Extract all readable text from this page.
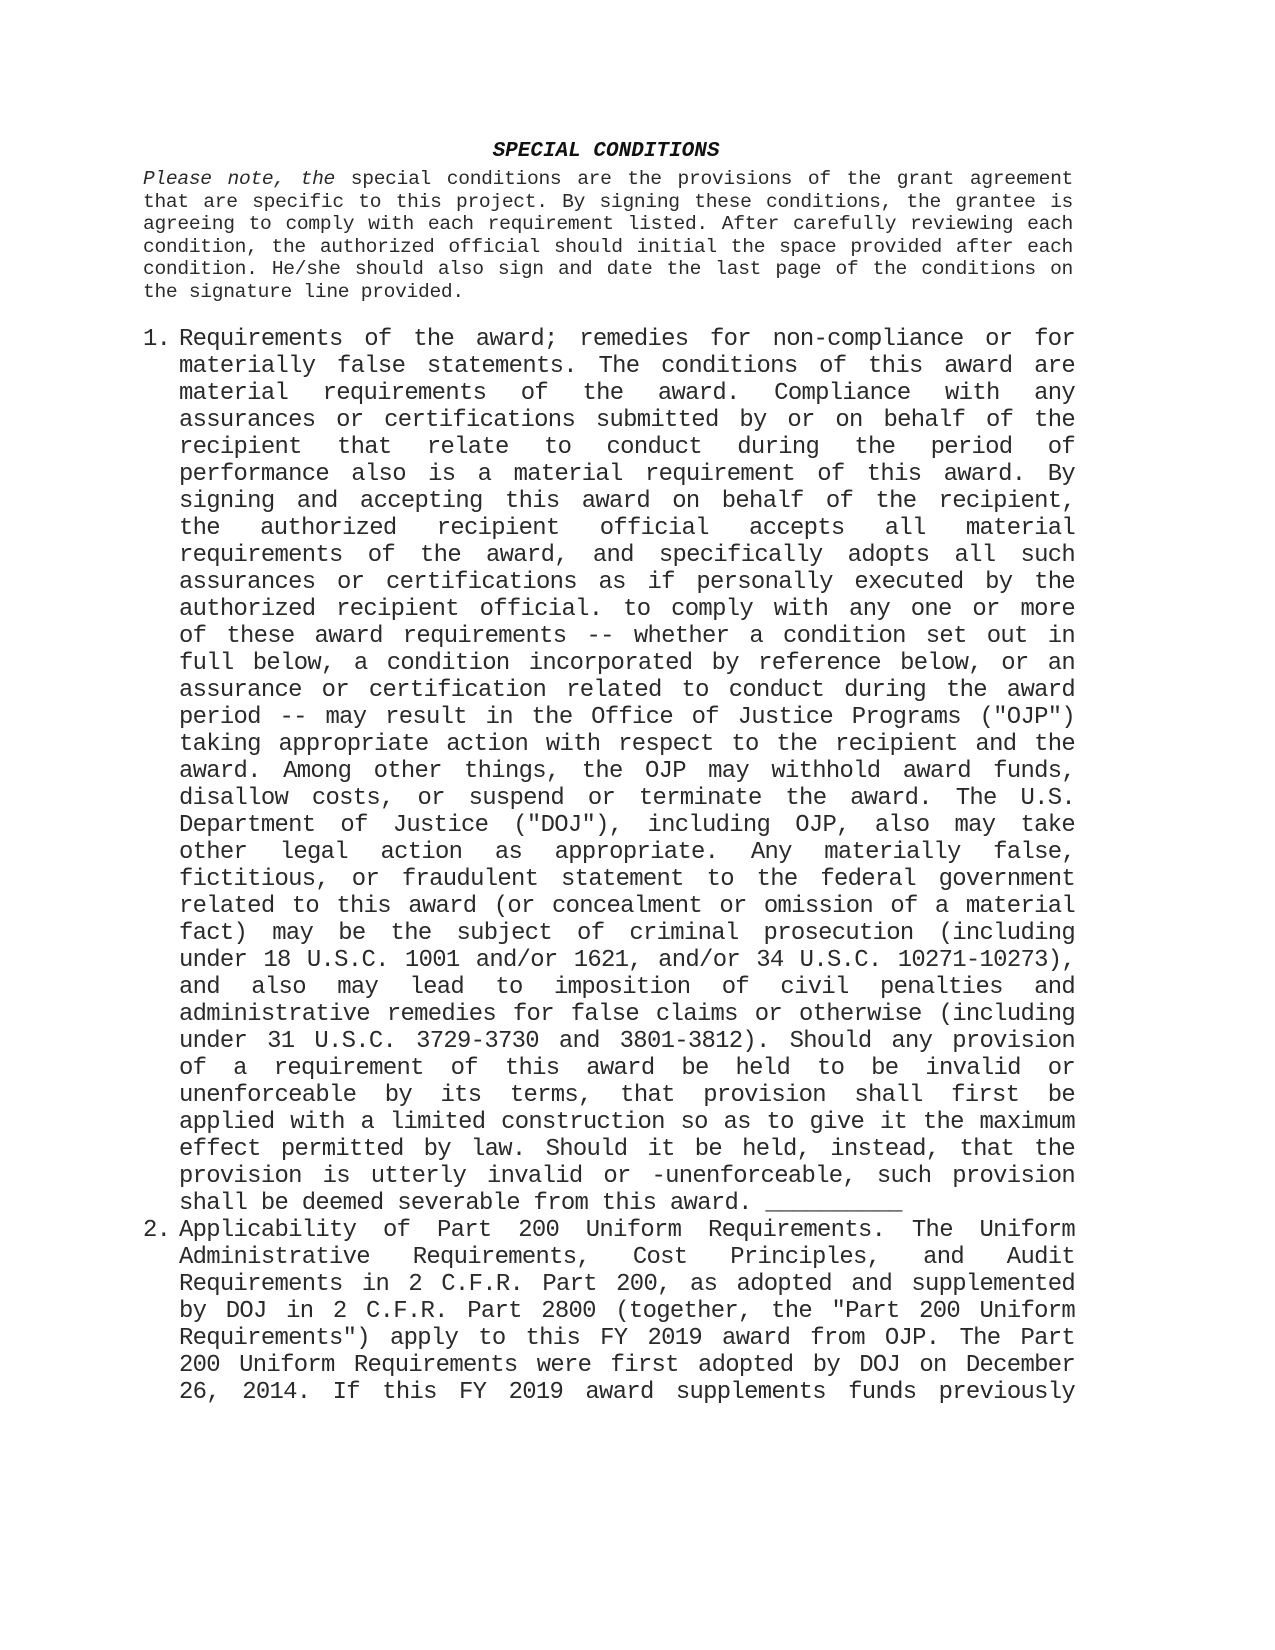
SPECIAL CONDITIONS
Please note, the special conditions are the provisions of the grant agreement
that are specific to this project. By signing these conditions, the grantee is
agreeing to comply with each requirement listed. After carefully reviewing each
condition, the authorized official should initial the space provided after each
condition. He/she should also sign and date the last page of the conditions on
the signature line provided.
1. Requirements of the award; remedies for non-compliance or for
materially false statements. The conditions of this award are
material requirements of the award. Compliance with any
assurances or certifications submitted by or on behalf of the
recipient that relate to conduct during the period of
performance also is a material requirement of this award. By
signing and accepting this award on behalf of the recipient,
the authorized recipient official accepts all material
requirements of the award, and specifically adopts all such
assurances or certifications as if personally executed by the
authorized recipient official. to comply with any one or more
of these award requirements -- whether a condition set out in
full below, a condition incorporated by reference below, or an
assurance or certification related to conduct during the award
period -- may result in the Office of Justice Programs ("OJP")
taking appropriate action with respect to the recipient and the
award. Among other things, the OJP may withhold award funds,
disallow costs, or suspend or terminate the award. The U.S.
Department of Justice ("DOJ"), including OJP, also may take
other legal action as appropriate. Any materially false,
fictitious, or fraudulent statement to the federal government
related to this award (or concealment or omission of a material
fact) may be the subject of criminal prosecution (including
under 18 U.S.C. 1001 and/or 1621, and/or 34 U.S.C. 10271-10273),
and also may lead to imposition of civil penalties and
administrative remedies for false claims or otherwise (including
under 31 U.S.C. 3729-3730 and 3801-3812). Should any provision
of a requirement of this award be held to be invalid or
unenforceable by its terms, that provision shall first be
applied with a limited construction so as to give it the maximum
effect permitted by law. Should it be held, instead, that the
provision is utterly invalid or -unenforceable, such provision
shall be deemed severable from this award. __________
2. Applicability of Part 200 Uniform Requirements. The Uniform
Administrative Requirements, Cost Principles, and Audit
Requirements in 2 C.F.R. Part 200, as adopted and supplemented
by DOJ in 2 C.F.R. Part 2800 (together, the "Part 200 Uniform
Requirements") apply to this FY 2019 award from OJP. The Part
200 Uniform Requirements were first adopted by DOJ on December
26, 2014. If this FY 2019 award supplements funds previously
